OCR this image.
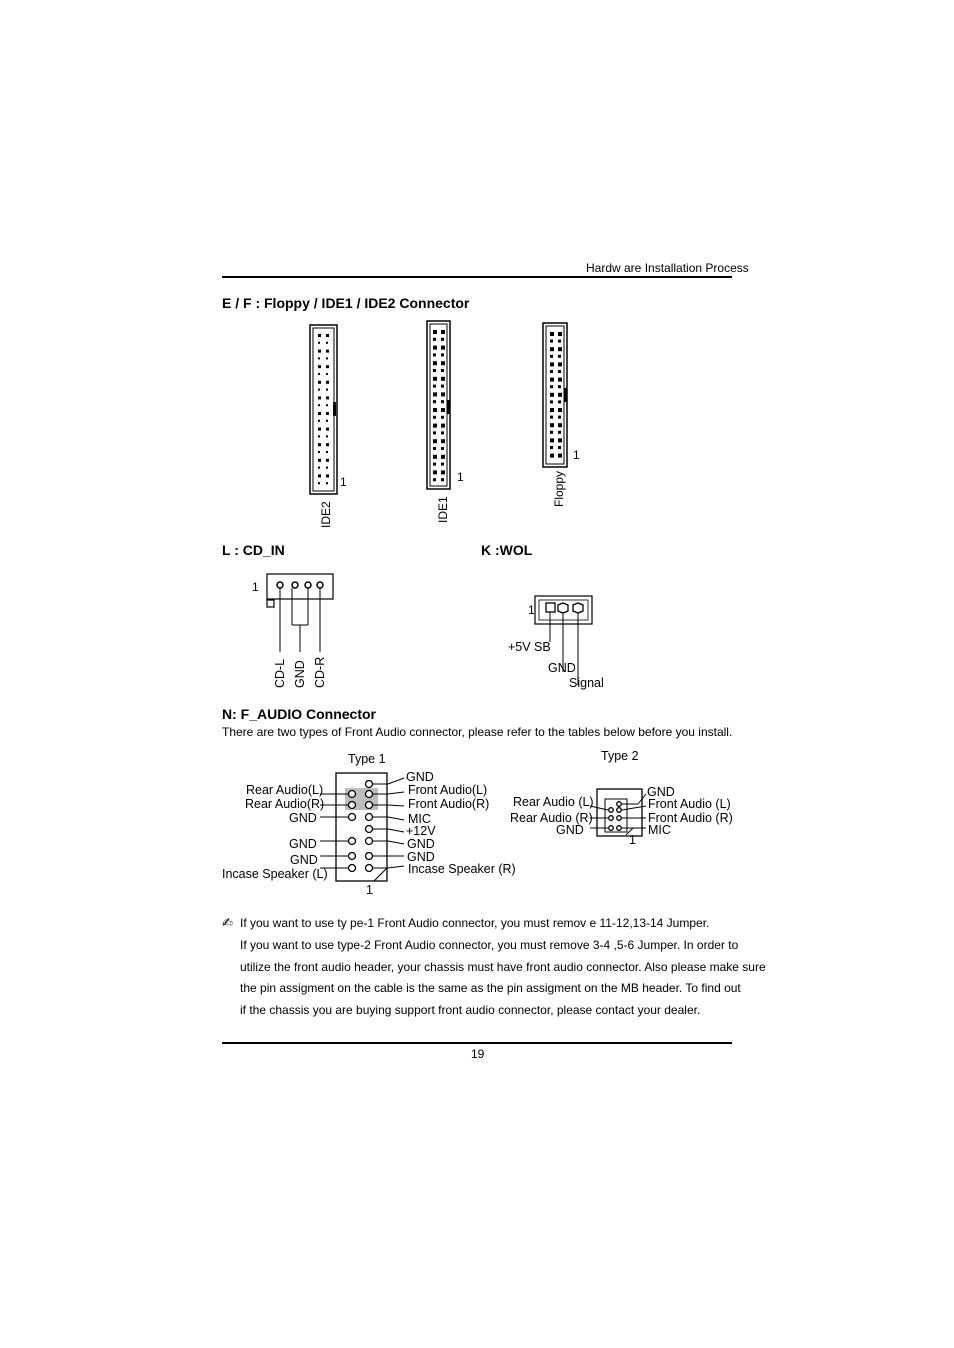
Hardw are Installation Process
E / F : Floppy / IDE1 / IDE2 Connector
1
IDE2
1
IDE1
1
Floppy
L : CD_IN
1
CD-L GND CD-R
K :WOL
1
+5V SB
GND
Signal
N: F_AUDIO Connector
There are two types of Front Audio connector, please refer to the tables below before you install.
Type 1
Rear Audio(L)
Rear Audio(R)
GND
GND
GND
Incase Speaker (L)
GND
Front Audio(L)
Front Audio(R)
MIC
+12V
GND
GND
Incase Speaker (R)
1
Type 2
Rear Audio (L)
Rear Audio (R)
GND
GND
Front Audio (L)
Front Audio (R)
MIC
1
✍ If you want to use ty pe-1 Front Audio connector, you must remov e 11-12,13-14 Jumper.
If you want to use type-2 Front Audio connector, you must remove 3-4 ,5-6 Jumper. In order to
utilize the front audio header, your chassis must have front audio connector. Also please make sure
the pin assigment on the cable is the same as the pin assigment on the MB header. To find out
if the chassis you are buying support front audio connector, please contact your dealer.
19
